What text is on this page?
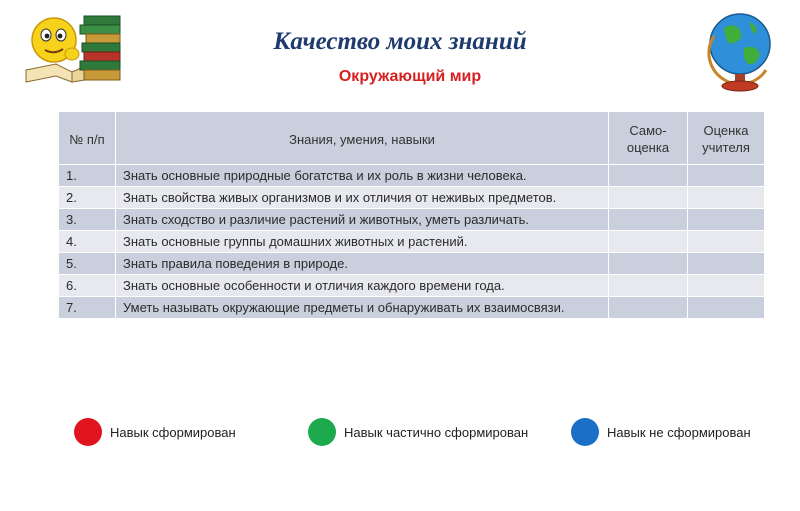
Качество моих знаний
Окружающий мир
№ п/п	Знания, умения, навыки	Само-оценка	Оценка учителя
1.	Знать основные природные богатства и их роль в жизни человека.		
2.	Знать свойства живых организмов и их отличия от неживых предметов.		
3.	Знать сходство и различие растений и животных, уметь различать.		
4.	Знать основные группы домашних животных и растений.		
5.	Знать правила поведения в природе.		
6.	Знать основные особенности и отличия каждого времени года.		
7.	Уметь называть окружающие предметы и обнаруживать их взаимосвязи.		
Навык сформирован	Навык частично сформирован	Навык не сформирован
